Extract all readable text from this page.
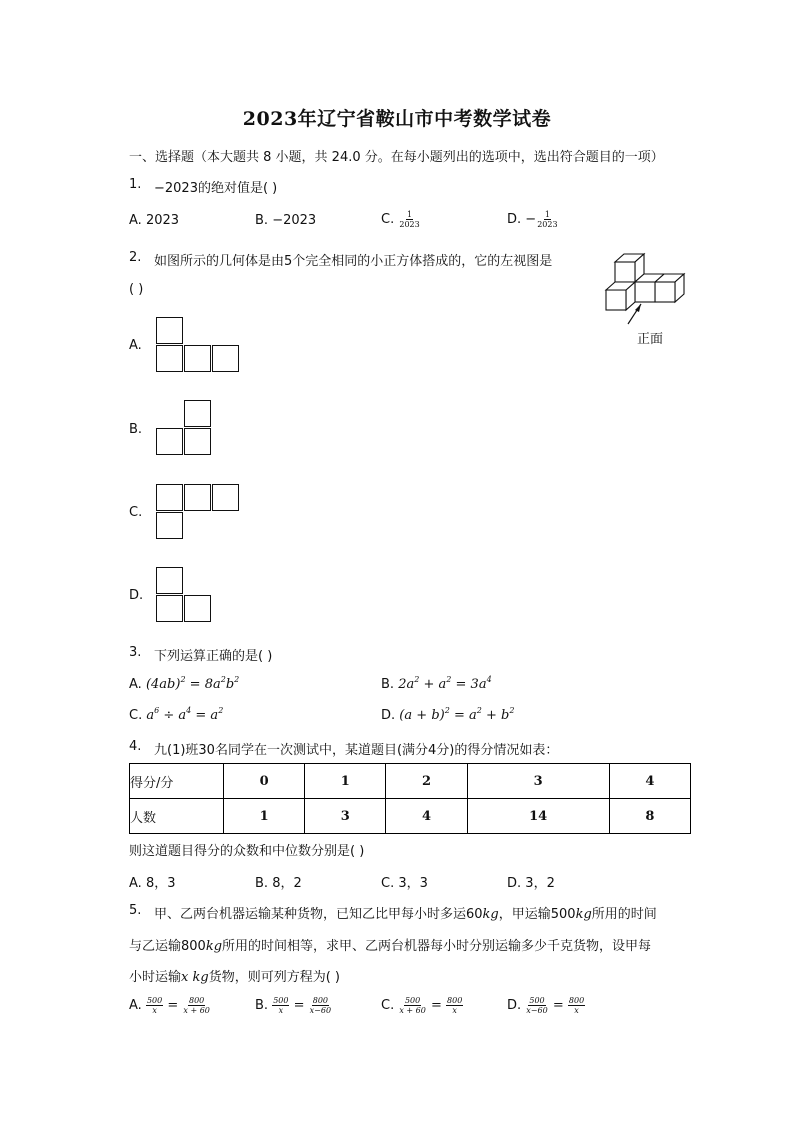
2023年辽宁省鞍山市中考数学试卷
一、选择题（本大题共 8 小题，共 24.0 分。在每小题列出的选项中，选出符合题目的一项）
1. −2023的绝对值是( )
A. 2023	B. −2023	C. $\frac{1}{2023}$	D. − $\frac{1}{2023}$
2. 如图所示的几何体是由5个完全相同的小正方体搭成的，它的左视图是
( )
正面
A.
B.
C.
D.
3. 下列运算正确的是( )
A. $(4ab)^2 = 8a^2b^2$	B. $2a^2 + a^2 = 3a^4$
C. $a^6 \div a^4 = a^2$	D. $(a + b)^2 = a^2 + b^2$
4. 九(1)班30名同学在一次测试中，某道题目(满分4分)的得分情况如表：
得分/分	0	1	2	3	4
人数	1	3	4	14	8
则这道题目得分的众数和中位数分别是( )
A. 8，3	B. 8，2	C. 3，3	D. 3，2
5. 甲、乙两台机器运输某种货物，已知乙比甲每小时多运60kg，甲运输500kg所用的时间
与乙运输800kg所用的时间相等，求甲、乙两台机器每小时分别运输多少千克货物，设甲每
小时运输x kg货物，则可列方程为( )
A. $\frac{500}{x} = \frac{800}{x + 60}$	B. $\frac{500}{x} = \frac{800}{x-60}$	C. $\frac{500}{x + 60} = \frac{800}{x}$	D. $\frac{500}{x-60} = \frac{800}{x}$
